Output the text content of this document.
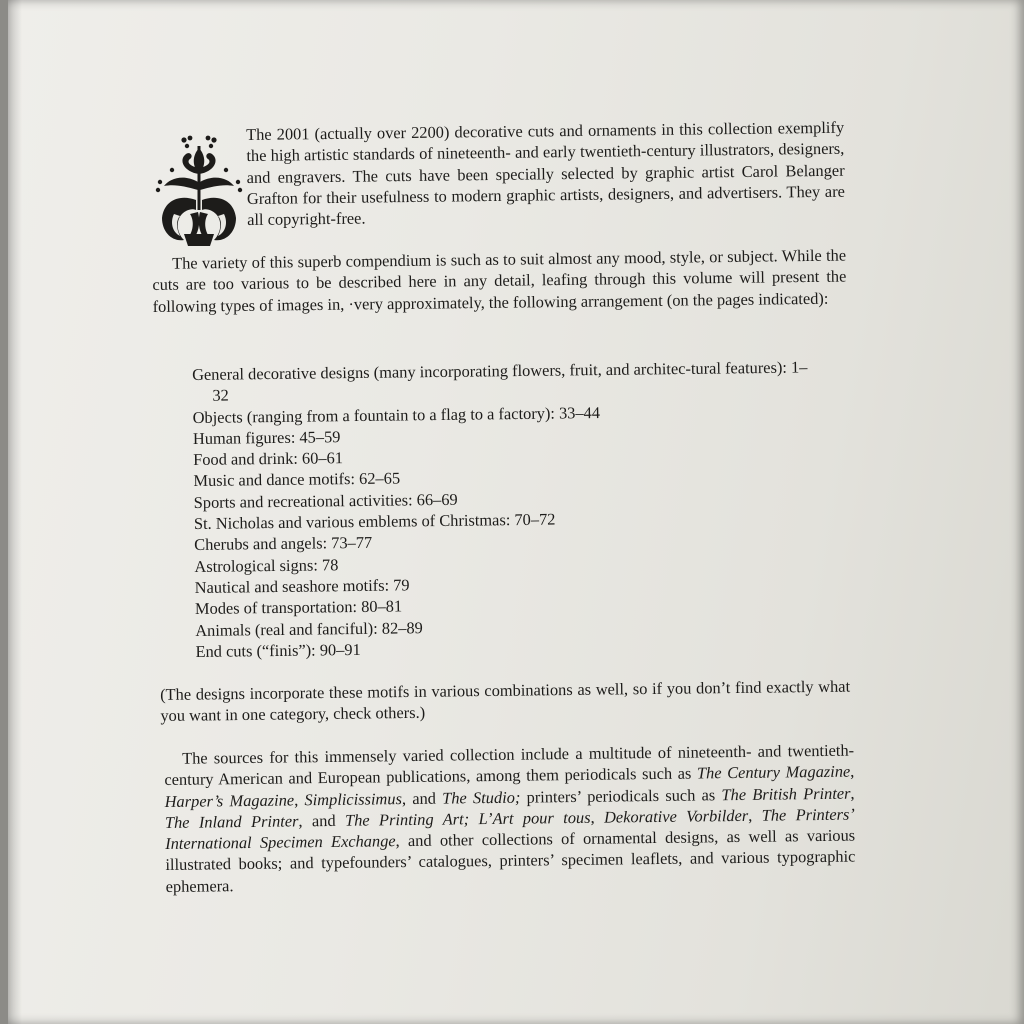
The 2001 (actually over 2200) decorative cuts and ornaments in this collection exemplify the high artistic standards of nineteenth- and early twentieth-century illustrators, designers, and engravers. The cuts have been specially selected by graphic artist Carol Belanger Grafton for their usefulness to modern graphic artists, designers, and advertisers. They are all copyright-free.

The variety of this superb compendium is such as to suit almost any mood, style, or subject. While the cuts are too various to be described here in any detail, leafing through this volume will present the following types of images in, ·very approximately, the following arrangement (on the pages indicated):

General decorative designs (many incorporating flowers, fruit, and architec-tural features): 1–32
Objects (ranging from a fountain to a flag to a factory): 33–44
Human figures: 45–59
Food and drink: 60–61
Music and dance motifs: 62–65
Sports and recreational activities: 66–69
St. Nicholas and various emblems of Christmas: 70–72
Cherubs and angels: 73–77
Astrological signs: 78
Nautical and seashore motifs: 79
Modes of transportation: 80–81
Animals (real and fanciful): 82–89
End cuts (“finis”): 90–91

(The designs incorporate these motifs in various combinations as well, so if you don’t find exactly what you want in one category, check others.)

The sources for this immensely varied collection include a multitude of nineteenth- and twentieth-century American and European publications, among them periodicals such as The Century Magazine, Harper’s Magazine, Simplicissimus, and The Studio; printers’ periodicals such as The British Printer, The Inland Printer, and The Printing Art; L’Art pour tous, Dekorative Vorbilder, The Printers’ International Specimen Exchange, and other collections of ornamental designs, as well as various illustrated books; and typefounders’ catalogues, printers’ specimen leaflets, and various typographic ephemera.
